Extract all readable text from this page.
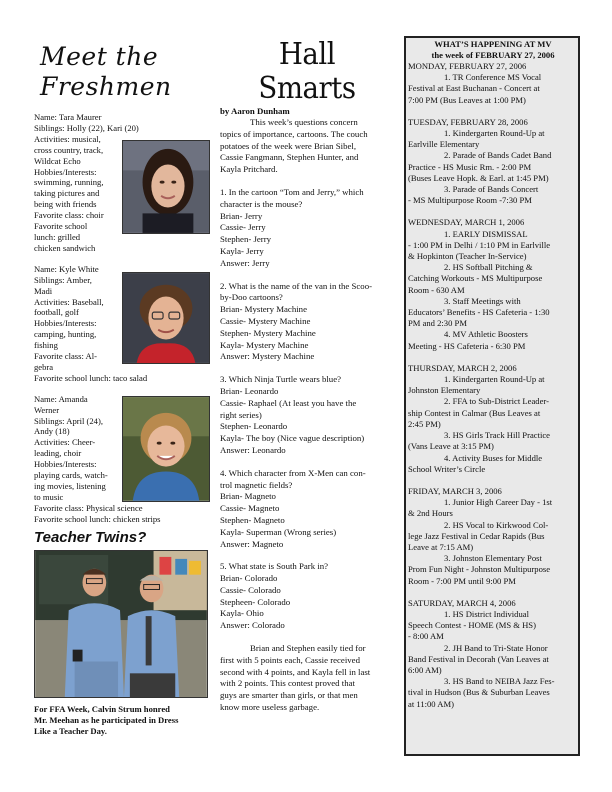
Meet the Freshmen
Name: Tara Maurer
Siblings: Holly (22), Kari (20)
Activities: musical,
cross country, track,
Wildcat Echo
Hobbies/Interests:
swimming, running,
taking pictures and
being with friends
Favorite class: choir
Favorite school
lunch: grilled
chicken sandwich
Name: Kyle White
Siblings: Amber,
Madi
Activities: Baseball,
football, golf
Hobbies/Interests:
camping, hunting,
fishing
Favorite class: Al-
gebra
Favorite school lunch: taco salad
Name: Amanda
Werner
Siblings: April (24),
Andy (18)
Activities: Cheer-
leading, choir
Hobbies/Interests:
playing cards, watch-
ing movies, listening
to music
Favorite class: Physical science
Favorite school lunch: chicken strips
Teacher Twins?
For FFA Week, Calvin Strum honred
Mr. Meehan as he participated in Dress
Like a Teacher Day.
Hall Smarts
by Aaron Dunham
This week’s questions concern
topics of importance, cartoons. The couch
potatoes of the week were Brian Sibel,
Cassie Fangmann, Stephen Hunter, and
Kayla Pritchard.
1. In the cartoon “Tom and Jerry,” which
character is the mouse?
Brian- Jerry
Cassie- Jerry
Stephen- Jerry
Kayla- Jerry
Answer: Jerry
2. What is the name of the van in the Scoo-
by-Doo cartoons?
Brian- Mystery Machine
Cassie- Mystery Machine
Stephen- Mystery Machine
Kayla- Mystery Machine
Answer: Mystery Machine
3. Which Ninja Turtle wears blue?
Brian- Leonardo
Cassie- Raphael (At least you have the
right series)
Stephen- Leonardo
Kayla- The boy (Nice vague description)
Answer: Leonardo
4. Which character from X-Men can con-
trol magnetic fields?
Brian- Magneto
Cassie- Magneto
Stephen- Magneto
Kayla- Superman (Wrong series)
Answer: Magneto
5. What state is South Park in?
Brian- Colorado
Cassie- Colorado
Stepheen- Colorado
Kayla- Ohio
Answer: Colorado
Brian and Stephen easily tied for
first with 5 points each, Cassie received
second with 4 points, and Kayla fell in last
with 2 points. This contest proved that
guys are smarter than girls, or that men
know more useless garbage.
WHAT’S HAPPENING AT MV
the week of FEBRUARY 27, 2006
MONDAY, FEBRUARY 27, 2006
1. TR Conference MS Vocal
Festival at East Buchanan - Concert at
7:00 PM (Bus Leaves at 1:00 PM)
TUESDAY, FEBRUARY 28, 2006
1. Kindergarten Round-Up at
Earlville Elementary
2. Parade of Bands Cadet Band
Practice - HS Music Rm. - 2:00 PM
(Buses Leave Hopk. & Earl. at 1:45 PM)
3. Parade of Bands Concert
- MS Multipurpose Room -7:30 PM
WEDNESDAY, MARCH 1, 2006
1. EARLY DISMISSAL
- 1:00 PM in Delhi / 1:10 PM in Earlville
& Hopkinton (Teacher In-Service)
2. HS Softball Pitching &
Catching Workouts - MS Multipurpose
Room - 630 AM
3. Staff Meetings with
Educators’ Benefits - HS Cafeteria - 1:30
PM and 2:30 PM
4. MV Athletic Boosters
Meeting - HS Cafeteria - 6:30 PM
THURSDAY, MARCH 2, 2006
1. Kindergarten Round-Up at
Johnston Elementary
2. FFA to Sub-District Leader-
ship Contest in Calmar (Bus Leaves at
2:45 PM)
3. HS Girls Track Hill Practice
(Vans Leave at 3:15 PM)
4. Activity Buses for Middle
School Writer’s Circle
FRIDAY, MARCH 3, 2006
1. Junior High Career Day - 1st
& 2nd Hours
2. HS Vocal to Kirkwood Col-
lege Jazz Festival in Cedar Rapids (Bus
Leave at 7:15 AM)
3. Johnston Elementary Post
Prom Fun Night - Johnston Multipurpose
Room - 7:00 PM until 9:00 PM
SATURDAY, MARCH 4, 2006
1. HS District Individual
Speech Contest - HOME (MS & HS)
- 8:00 AM
2. JH Band to Tri-State Honor
Band Festival in Decorah (Van Leaves at
6:00 AM)
3. HS Band to NEIBA Jazz Fes-
tival in Hudson (Bus & Suburban Leaves
at 11:00 AM)
